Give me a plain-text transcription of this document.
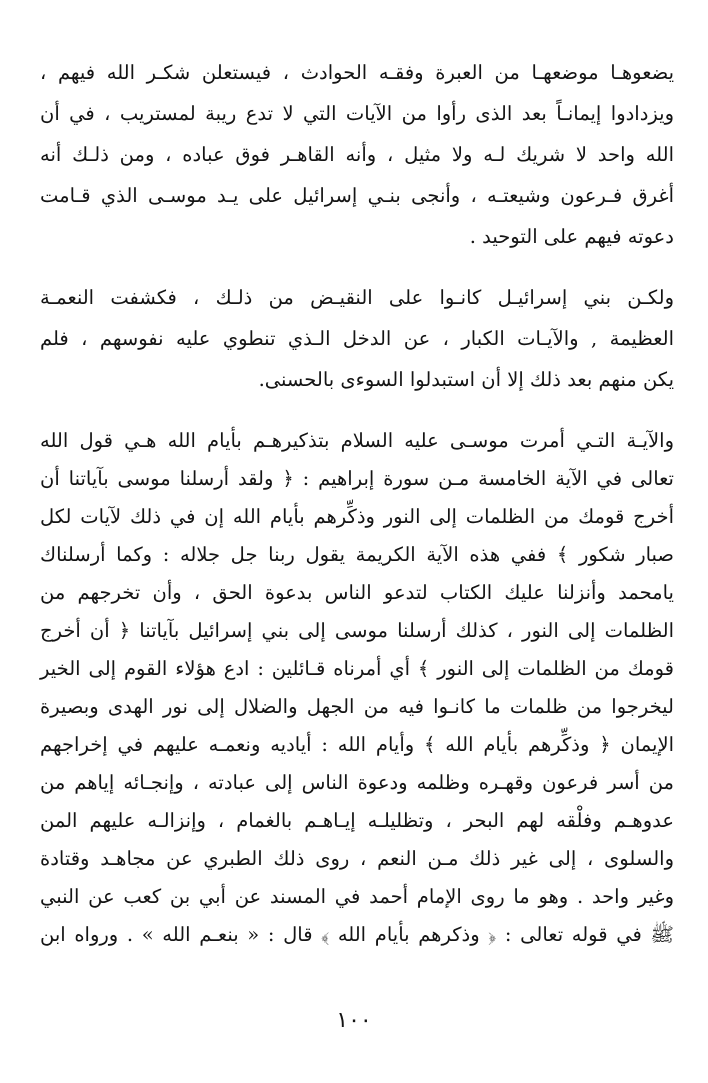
يضعوهـا موضعهـا من العبرة وفقـه الحوادث ، فيستعلن شكـر الله فيهم ،
ويزدادوا إيمانـاً بعد الذى رأوا من الآيات التي لا تدع ريبة لمستريب ، في أن
الله واحد لا شريك لـه ولا مثيل ، وأنه القاهـر فوق عباده ، ومن ذلـك أنه
أغرق فـرعون وشيعتـه ، وأنجى بنـي إسرائيل على يـد موسـى الذي قـامت
دعوته فيهم على التوحيد .
ولكـن بني إسرائيـل كانـوا على النقيـض من ذلـك ، فكشفت النعمـة
العظيمة , والآيـات الكبار ، عن الدخل الـذي تنطوي عليه نفوسهم ، فلم
يكن منهم بعد ذلك إلا أن استبدلوا السوءى بالحسنى.
والآيـة التـي أمرت موسـى عليه السلام بتذكيرهـم بأيام الله هـي قول الله
تعالى في الآية الخامسة مـن سورة إبراهيم : ﴿ ولقد أرسلنا موسى بآياتنا أن
أخرج قومك من الظلمات إلى النور وذكِّرهم بأيام الله إن في ذلك لآيات لكل
صبار شكور ﴾ ففي هذه الآية الكريمة يقول ربنا جل جلاله : وكما أرسلناك
يامحمد وأنزلنا عليك الكتاب لتدعو الناس بدعوة الحق ، وأن تخرجهم من
الظلمات إلى النور ، كذلك أرسلنا موسى إلى بني إسرائيل بآياتنا ﴿ أن أخرج
قومك من الظلمات إلى النور ﴾ أي أمرناه قـائلين : ادع هؤلاء القوم إلى الخير
ليخرجوا من ظلمات ما كانـوا فيه من الجهل والضلال إلى نور الهدى وبصيرة
الإيمان ﴿ وذكِّرهم بأيام الله ﴾ وأيام الله : أياديه ونعمـه عليهم في إخراجهم
من أسر فرعون وقهـره وظلمه ودعوة الناس إلى عبادته ، وإنجـائه إياهم من
عدوهـم وفلْقه لهم البحر ، وتظليلـه إيـاهـم بالغمام ، وإنزالـه عليهم المن
والسلوى ، إلى غير ذلك مـن النعم ، روى ذلك الطبري عن مجاهـد وقتادة
وغير واحد . وهو ما روى الإمام أحمد في المسند عن أبي بن كعب عن النبي
ﷺ في قوله تعالى : ﴿ وذكرهم بأيام الله ﴾ قال : « بنعـم الله » . ورواه ابن
١٠٠
